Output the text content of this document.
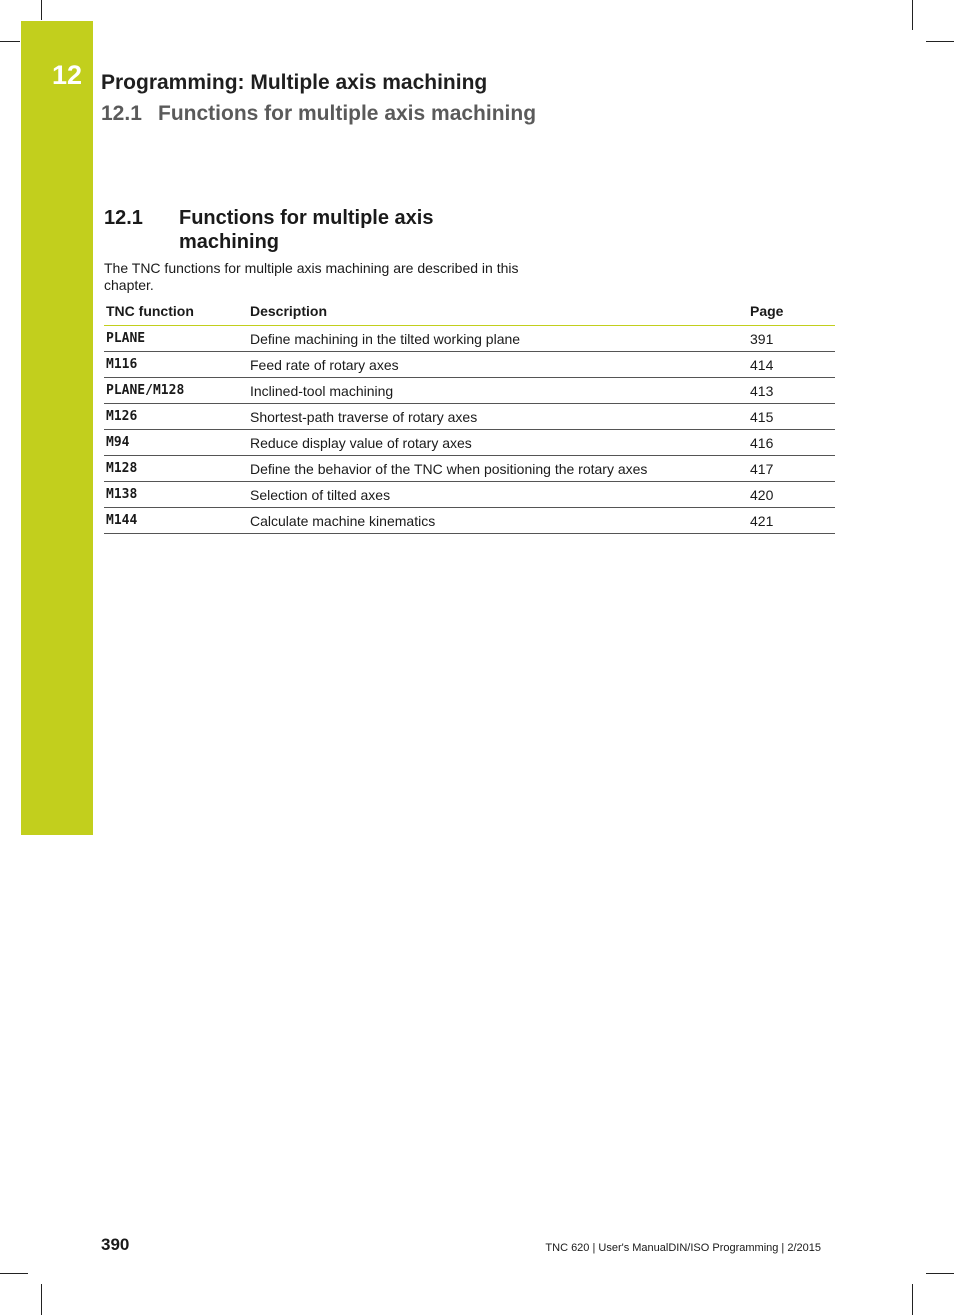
12 Programming: Multiple axis machining
12.1 Functions for multiple axis machining
12.1 Functions for multiple axis machining
The TNC functions for multiple axis machining are described in this chapter.
TNC function	Description	Page
PLANE	Define machining in the tilted working plane	391
M116	Feed rate of rotary axes	414
PLANE/M128	Inclined-tool machining	413
M126	Shortest-path traverse of rotary axes	415
M94	Reduce display value of rotary axes	416
M128	Define the behavior of the TNC when positioning the rotary axes	417
M138	Selection of tilted axes	420
M144	Calculate machine kinematics	421
390	TNC 620 | User's ManualDIN/ISO Programming | 2/2015
